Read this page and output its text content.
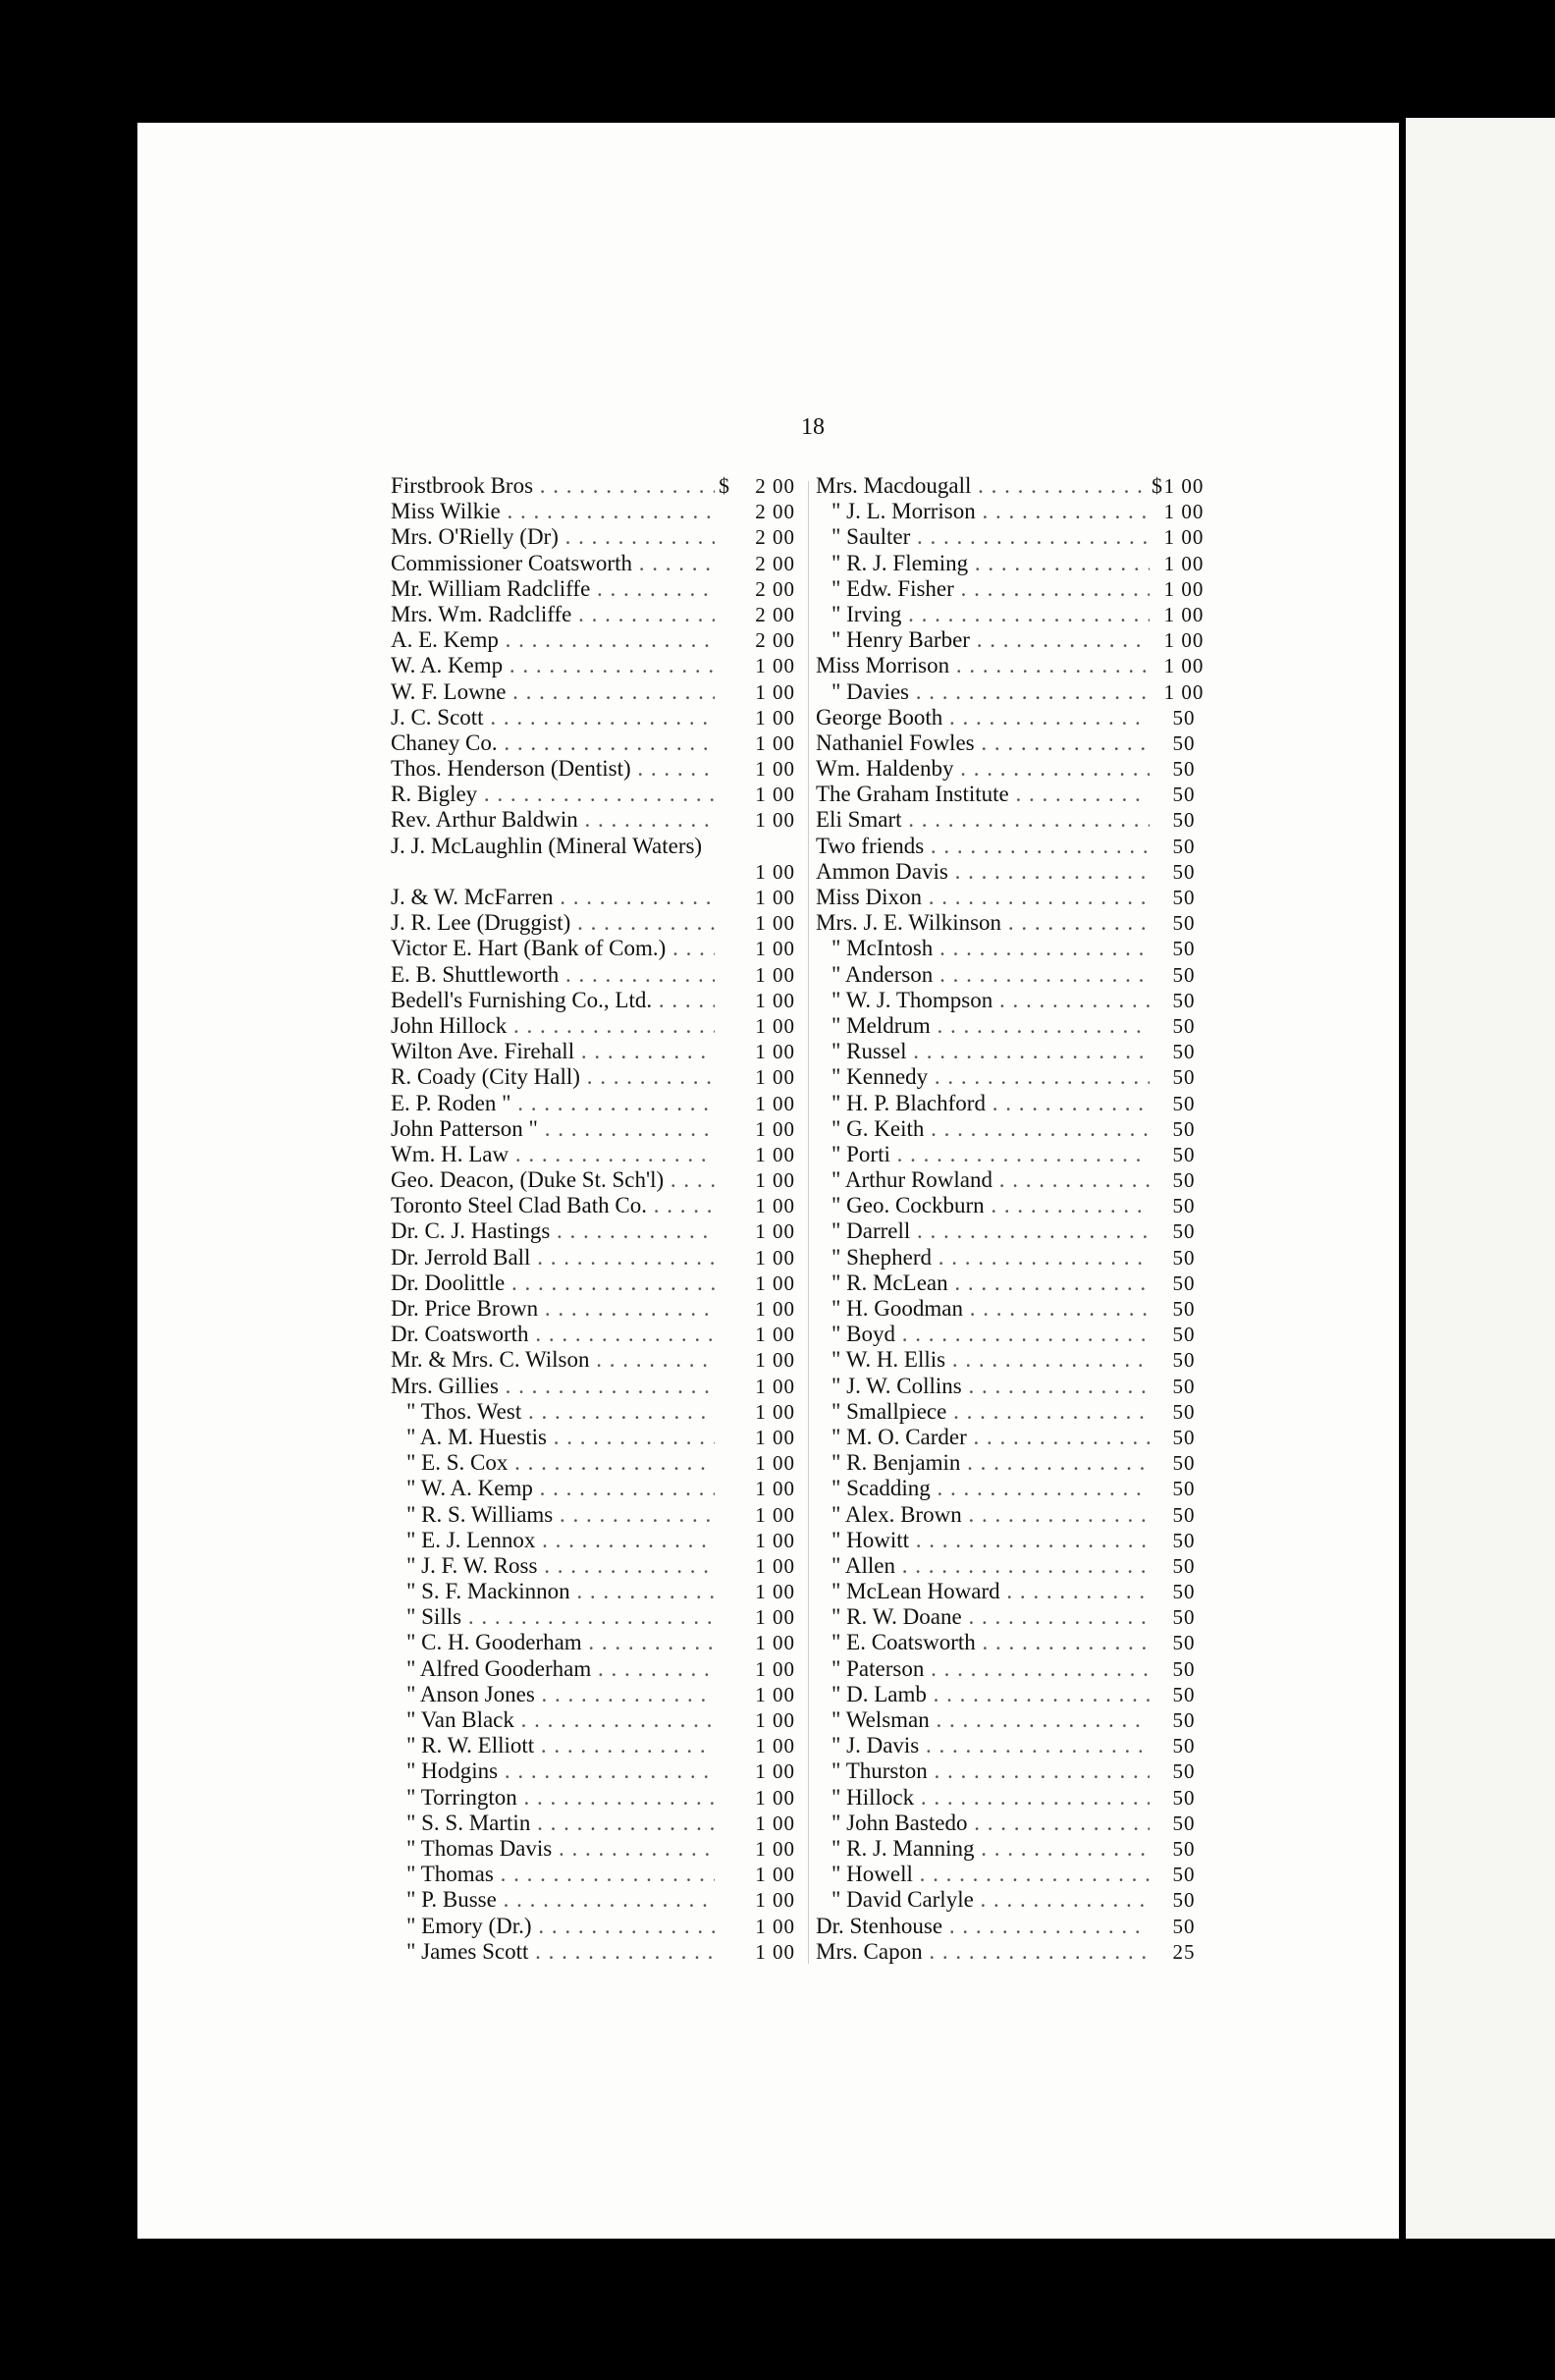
18
Firstbrook Bros . . .	$	2 00
Miss Wilkie . . .	2 00
Mrs. O'Rielly (Dr) . . .	2 00
Commissioner Coatsworth . . .	2 00
Mr. William Radcliffe . . .	2 00
Mrs. Wm. Radcliffe . . .	2 00
A. E. Kemp . . .	2 00
W. A. Kemp . . .	1 00
W. F. Lowne . . .	1 00
J. C. Scott . . .	1 00
Chaney Co. . . .	1 00
Thos. Henderson (Dentist) . . .	1 00
R. Bigley . . .	1 00
Rev. Arthur Baldwin . . .	1 00
J. J. McLaughlin (Mineral Waters)
1 00
J. & W. McFarren . . .	1 00
J. R. Lee (Druggist) . . .	1 00
Victor E. Hart (Bank of Com.) . . .	1 00
E. B. Shuttleworth . . .	1 00
Bedell's Furnishing Co., Ltd. . . .	1 00
John Hillock . . .	1 00
Wilton Ave. Firehall . . .	1 00
R. Coady (City Hall) . . .	1 00
E. P. Roden " . . .	1 00
John Patterson " . . .	1 00
Wm. H. Law . . .	1 00
Geo. Deacon, (Duke St. Sch'l) . . .	1 00
Toronto Steel Clad Bath Co. . . .	1 00
Dr. C. J. Hastings . . .	1 00
Dr. Jerrold Ball . . .	1 00
Dr. Doolittle . . .	1 00
Dr. Price Brown . . .	1 00
Dr. Coatsworth . . .	1 00
Mr. & Mrs. C. Wilson . . .	1 00
Mrs. Gillies . . .	1 00
" Thos. West . . .	1 00
" A. M. Huestis . . .	1 00
" E. S. Cox . . .	1 00
" W. A. Kemp . . .	1 00
" R. S. Williams . . .	1 00
" E. J. Lennox . . .	1 00
" J. F. W. Ross . . .	1 00
" S. F. Mackinnon . . .	1 00
" Sills . . .	1 00
" C. H. Gooderham . . .	1 00
" Alfred Gooderham . . .	1 00
" Anson Jones . . .	1 00
" Van Black . . .	1 00
" R. W. Elliott . . .	1 00
" Hodgins . . .	1 00
" Torrington . . .	1 00
" S. S. Martin . . .	1 00
" Thomas Davis . . .	1 00
" Thomas . . .	1 00
" P. Busse . . .	1 00
" Emory (Dr.) . . .	1 00
" James Scott . . .	1 00
Mrs. Macdougall . . .	$ 1 00
" J. L. Morrison . . .	1 00
" Saulter . . .	1 00
" R. J. Fleming . . .	1 00
" Edw. Fisher . . .	1 00
" Irving . . .	1 00
" Henry Barber . . .	1 00
Miss Morrison . . .	1 00
" Davies . . .	1 00
George Booth . . .	50
Nathaniel Fowles . . .	50
Wm. Haldenby . . .	50
The Graham Institute . . .	50
Eli Smart . . .	50
Two friends . . .	50
Ammon Davis . . .	50
Miss Dixon . . .	50
Mrs. J. E. Wilkinson . . .	50
" McIntosh . . .	50
" Anderson . . .	50
" W. J. Thompson . . .	50
" Meldrum . . .	50
" Russel . . .	50
" Kennedy . . .	50
" H. P. Blachford . . .	50
" G. Keith . . .	50
" Porti . . .	50
" Arthur Rowland . . .	50
" Geo. Cockburn . . .	50
" Darrell . . .	50
" Shepherd . . .	50
" R. McLean . . .	50
" H. Goodman . . .	50
" Boyd . . .	50
" W. H. Ellis . . .	50
" J. W. Collins . . .	50
" Smallpiece . . .	50
" M. O. Carder . . .	50
" R. Benjamin . . .	50
" Scadding . . .	50
" Alex. Brown . . .	50
" Howitt . . .	50
" Allen . . .	50
" McLean Howard . . .	50
" R. W. Doane . . .	50
" E. Coatsworth . . .	50
" Paterson . . .	50
" D. Lamb . . .	50
" Welsman . . .	50
" J. Davis . . .	50
" Thurston . . .	50
" Hillock . . .	50
" John Bastedo . . .	50
" R. J. Manning . . .	50
" Howell . . .	50
" David Carlyle . . .	50
Dr. Stenhouse . . .	50
Mrs. Capon . . .	25
